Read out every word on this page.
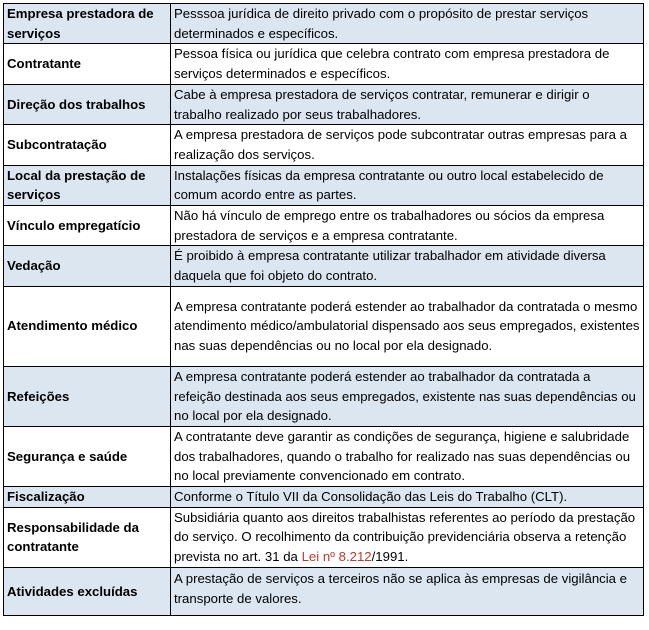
Empresa prestadora de serviços	Pesssoa jurídica de direito privado com o propósito de prestar serviços determinados e específicos.
Contratante	Pessoa física ou jurídica que celebra contrato com empresa prestadora de serviços determinados e específicos.
Direção dos trabalhos	Cabe à empresa prestadora de serviços contratar, remunerar e dirigir o trabalho realizado por seus trabalhadores.
Subcontratação	A empresa prestadora de serviços pode subcontratar outras empresas para a realização dos serviços.
Local da prestação de serviços	Instalações físicas da empresa contratante ou outro local estabelecido de comum acordo entre as partes.
Vínculo empregatício	Não há vínculo de emprego entre os trabalhadores ou sócios da empresa prestadora de serviços e a empresa contratante.
Vedação	É proibido à empresa contratante utilizar trabalhador em atividade diversa daquela que foi objeto do contrato.
Atendimento médico	A empresa contratante poderá estender ao trabalhador da contratada o mesmo atendimento médico/ambulatorial dispensado aos seus empregados, existentes nas suas dependências ou no local por ela designado.
Refeições	A empresa contratante poderá estender ao trabalhador da contratada a refeição destinada aos seus empregados, existente nas suas dependências ou no local por ela designado.
Segurança e saúde	A contratante deve garantir as condições de segurança, higiene e salubridade dos trabalhadores, quando o trabalho for realizado nas suas dependências ou no local previamente convencionado em contrato.
Fiscalização	Conforme o Título VII da Consolidação das Leis do Trabalho (CLT).
Responsabilidade da contratante	Subsidiária quanto aos direitos trabalhistas referentes ao período da prestação do serviço. O recolhimento da contribuição previdenciária observa a retenção prevista no art. 31 da Lei nº 8.212/1991.
Atividades excluídas	A prestação de serviços a terceiros não se aplica às empresas de vigilância e transporte de valores.
